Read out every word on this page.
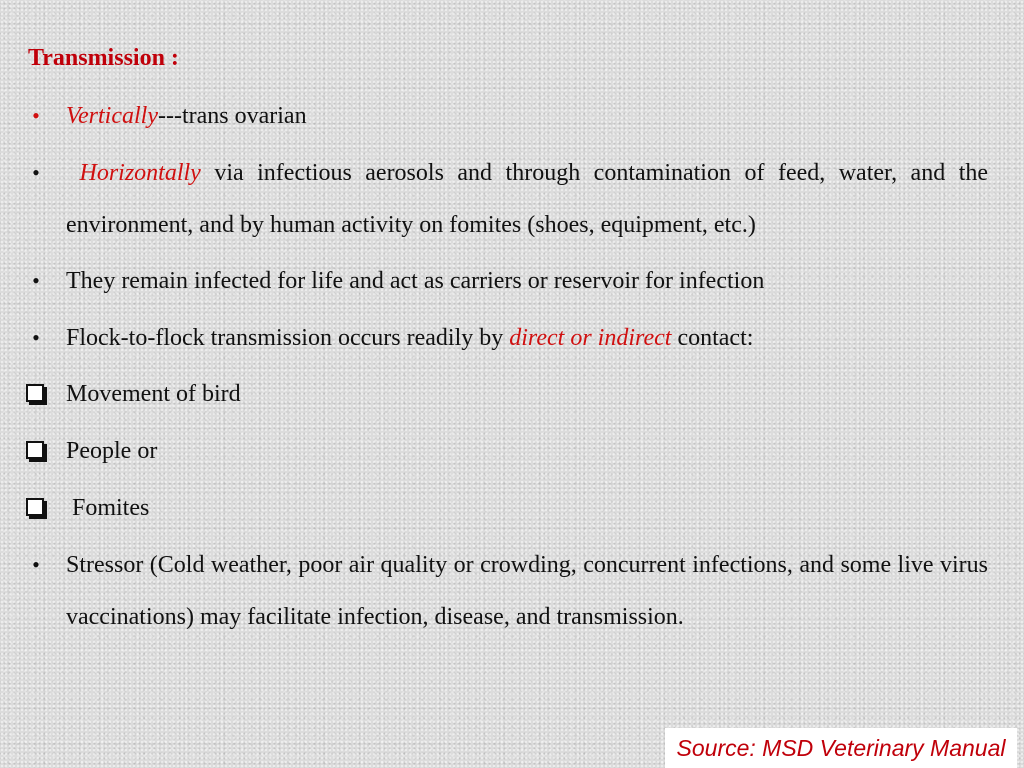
Transmission :
•	Vertically---trans ovarian
•	Horizontally via infectious aerosols and through contamination of feed, water, and the environment, and by human activity on fomites (shoes, equipment, etc.)
•	They remain infected for life and act as carriers or reservoir for infection
•	Flock-to-flock transmission occurs readily by direct or indirect contact:
Movement of bird
People or
Fomites
•	Stressor (Cold weather, poor air quality or crowding, concurrent infections, and some live virus vaccinations) may facilitate infection, disease, and transmission.
Source: MSD Veterinary Manual
